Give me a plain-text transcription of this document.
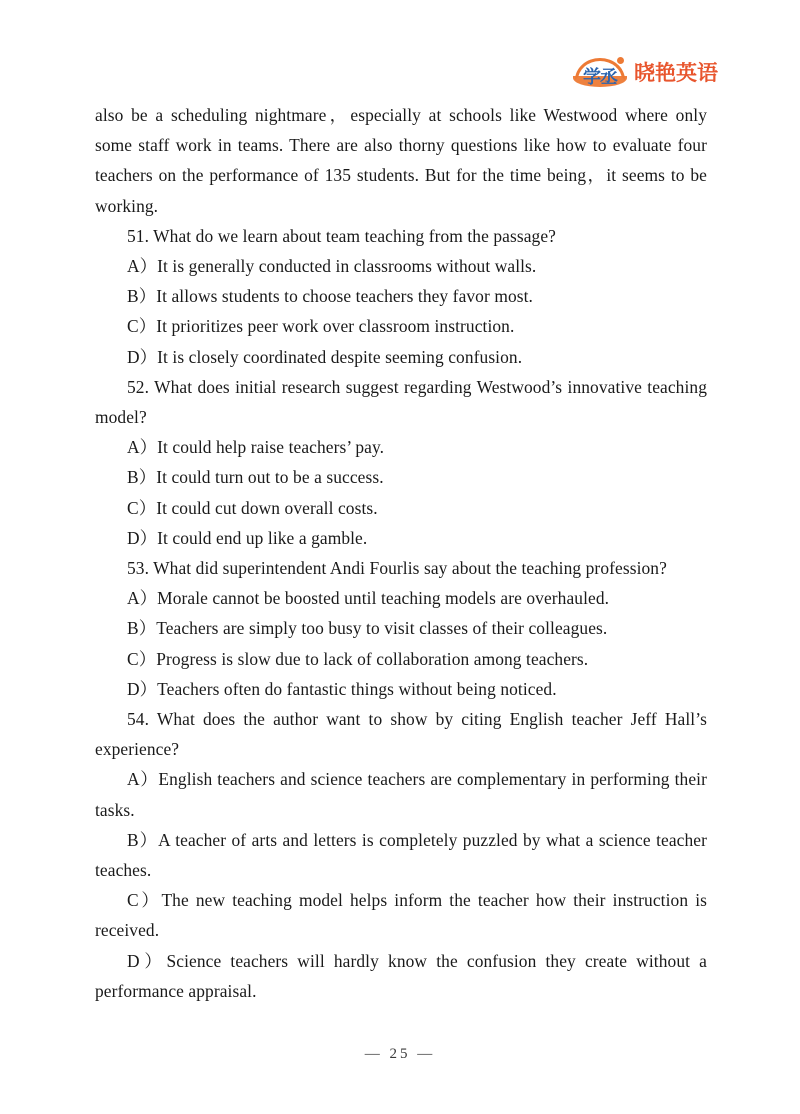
学丞 晓艳英语

also be a scheduling nightmare，especially at schools like Westwood where only some staff work in teams. There are also thorny questions like how to evaluate four teachers on the performance of 135 students. But for the time being，it seems to be working.

51. What do we learn about team teaching from the passage?

A）It is generally conducted in classrooms without walls.

B）It allows students to choose teachers they favor most.

C）It prioritizes peer work over classroom instruction.

D）It is closely coordinated despite seeming confusion.

52. What does initial research suggest regarding Westwood’s innovative teaching model?

A）It could help raise teachers’ pay.

B）It could turn out to be a success.

C）It could cut down overall costs.

D）It could end up like a gamble.

53. What did superintendent Andi Fourlis say about the teaching profession?

A）Morale cannot be boosted until teaching models are overhauled.

B）Teachers are simply too busy to visit classes of their colleagues.

C）Progress is slow due to lack of collaboration among teachers.

D）Teachers often do fantastic things without being noticed.

54. What does the author want to show by citing English teacher Jeff Hall’s experience?

A）English teachers and science teachers are complementary in performing their tasks.

B）A teacher of arts and letters is completely puzzled by what a science teacher teaches.

C）The new teaching model helps inform the teacher how their instruction is received.

D）Science teachers will hardly know the confusion they create without a performance appraisal.

— 25 —
